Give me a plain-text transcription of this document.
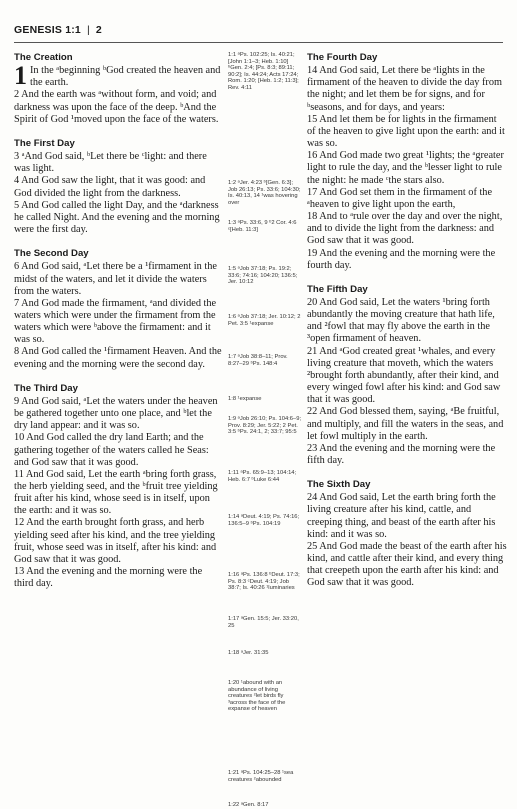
GENESIS 1:1 | 2
The Creation

1 In the ᵃbeginning ᵇGod created the heaven and the earth.

2 And the earth was ᵃwithout form, and void; and darkness was upon the face of the deep. ᵇAnd the Spirit of God ¹moved upon the face of the waters.

The First Day

3 ᵃAnd God said, ᵇLet there be ᶜlight: and there was light.

4 And God saw the light, that it was good: and God divided the light from the darkness.

5 And God called the light Day, and the ᵃdarkness he called Night. And the evening and the morning were the first day.

The Second Day

6 And God said, ᵃLet there be a ¹firmament in the midst of the waters, and let it divide the waters from the waters.

7 And God made the firmament, ᵃand divided the waters which were under the firmament from the waters which were ᵇabove the firmament: and it was so.

8 And God called the ¹firmament Heaven. And the evening and the morning were the second day.

The Third Day

9 And God said, ᵃLet the waters under the heaven be gathered together unto one place, and ᵇlet the dry land appear: and it was so.

10 And God called the dry land Earth; and the gathering together of the waters called he Seas: and God saw that it was good.

11 And God said, Let the earth ᵃbring forth grass, the herb yielding seed, and the ᵇfruit tree yielding fruit after his kind, whose seed is in itself, upon the earth: and it was so.

12 And the earth brought forth grass, and herb yielding seed after his kind, and the tree yielding fruit, whose seed was in itself, after his kind: and God saw that it was good.

13 And the evening and the morning were the third day.

1:1 ᵃPs. 102:25; Is. 40:21; [John 1:1–3; Heb. 1:10] ᵇGen. 2:4; [Ps. 8:3; 89:11; 90:2]; Is. 44:24; Acts 17:24; Rom. 1:20; [Heb. 1:2; 11:3]; Rev. 4:11
1:2 ᵃJer. 4:23 ᵇ[Gen. 6:3]; Job 26:13; Ps. 33:6; 104:30; Is. 40:13, 14 ¹was hovering over
1:3 ᵃPs. 33:6, 9 ᵇ2 Cor. 4:6 ᶜ[Heb. 11:3]
1:5 ᵃJob 37:18; Ps. 19:2; 33:6; 74:16; 104:20; 136:5; Jer. 10:12
1:6 ᵃJob 37:18; Jer. 10:12; 2 Pet. 3:5 ¹expanse
1:7 ᵃJob 38:8–11; Prov. 8:27–29 ᵇPs. 148:4
1:8 ¹expanse
1:9 ᵃJob 26:10; Ps. 104:6–9; Prov. 8:29; Jer. 5:22; 2 Pet. 3:5 ᵇPs. 24:1, 2; 33:7; 95:5
1:11 ᵃPs. 65:9–13; 104:14; Heb. 6:7 ᵇLuke 6:44
1:14 ᵃDeut. 4:19; Ps. 74:16; 136:5–9 ᵇPs. 104:19
1:16 ᵃPs. 136:8 ᵇDeut. 17:3; Ps. 8:3 ᶜDeut. 4:19; Job 38:7; Is. 40:26 ¹luminaries
1:17 ᵃGen. 15:5; Jer. 33:20, 25
1:18 ᵃJer. 31:35
1:20 ¹abound with an abundance of living creatures ²let birds fly ³across the face of the expanse of heaven
1:21 ᵃPs. 104:25–28 ¹sea creatures ²abounded
1:22 ᵃGen. 8:17
The Fourth Day

14 And God said, Let there be ᵃlights in the firmament of the heaven to divide the day from the night; and let them be for signs, and for ᵇseasons, and for days, and years:

15 And let them be for lights in the firmament of the heaven to give light upon the earth: and it was so.

16 And God made two great ¹lights; the ᵃgreater light to rule the day, and the ᵇlesser light to rule the night: he made ᶜthe stars also.

17 And God set them in the firmament of the ᵃheaven to give light upon the earth,

18 And to ᵃrule over the day and over the night, and to divide the light from the darkness: and God saw that it was good.

19 And the evening and the morning were the fourth day.

The Fifth Day

20 And God said, Let the waters ¹bring forth abundantly the moving creature that hath life, and ²fowl that may fly above the earth in the ³open firmament of heaven.

21 And ᵃGod created great ¹whales, and every living creature that moveth, which the waters ²brought forth abundantly, after their kind, and every winged fowl after his kind: and God saw that it was good.

22 And God blessed them, saying, ᵃBe fruitful, and multiply, and fill the waters in the seas, and let fowl multiply in the earth.

23 And the evening and the morning were the fifth day.

The Sixth Day

24 And God said, Let the earth bring forth the living creature after his kind, cattle, and creeping thing, and beast of the earth after his kind: and it was so.

25 And God made the beast of the earth after his kind, and cattle after their kind, and every thing that creepeth upon the earth after his kind: and God saw that it was good.
